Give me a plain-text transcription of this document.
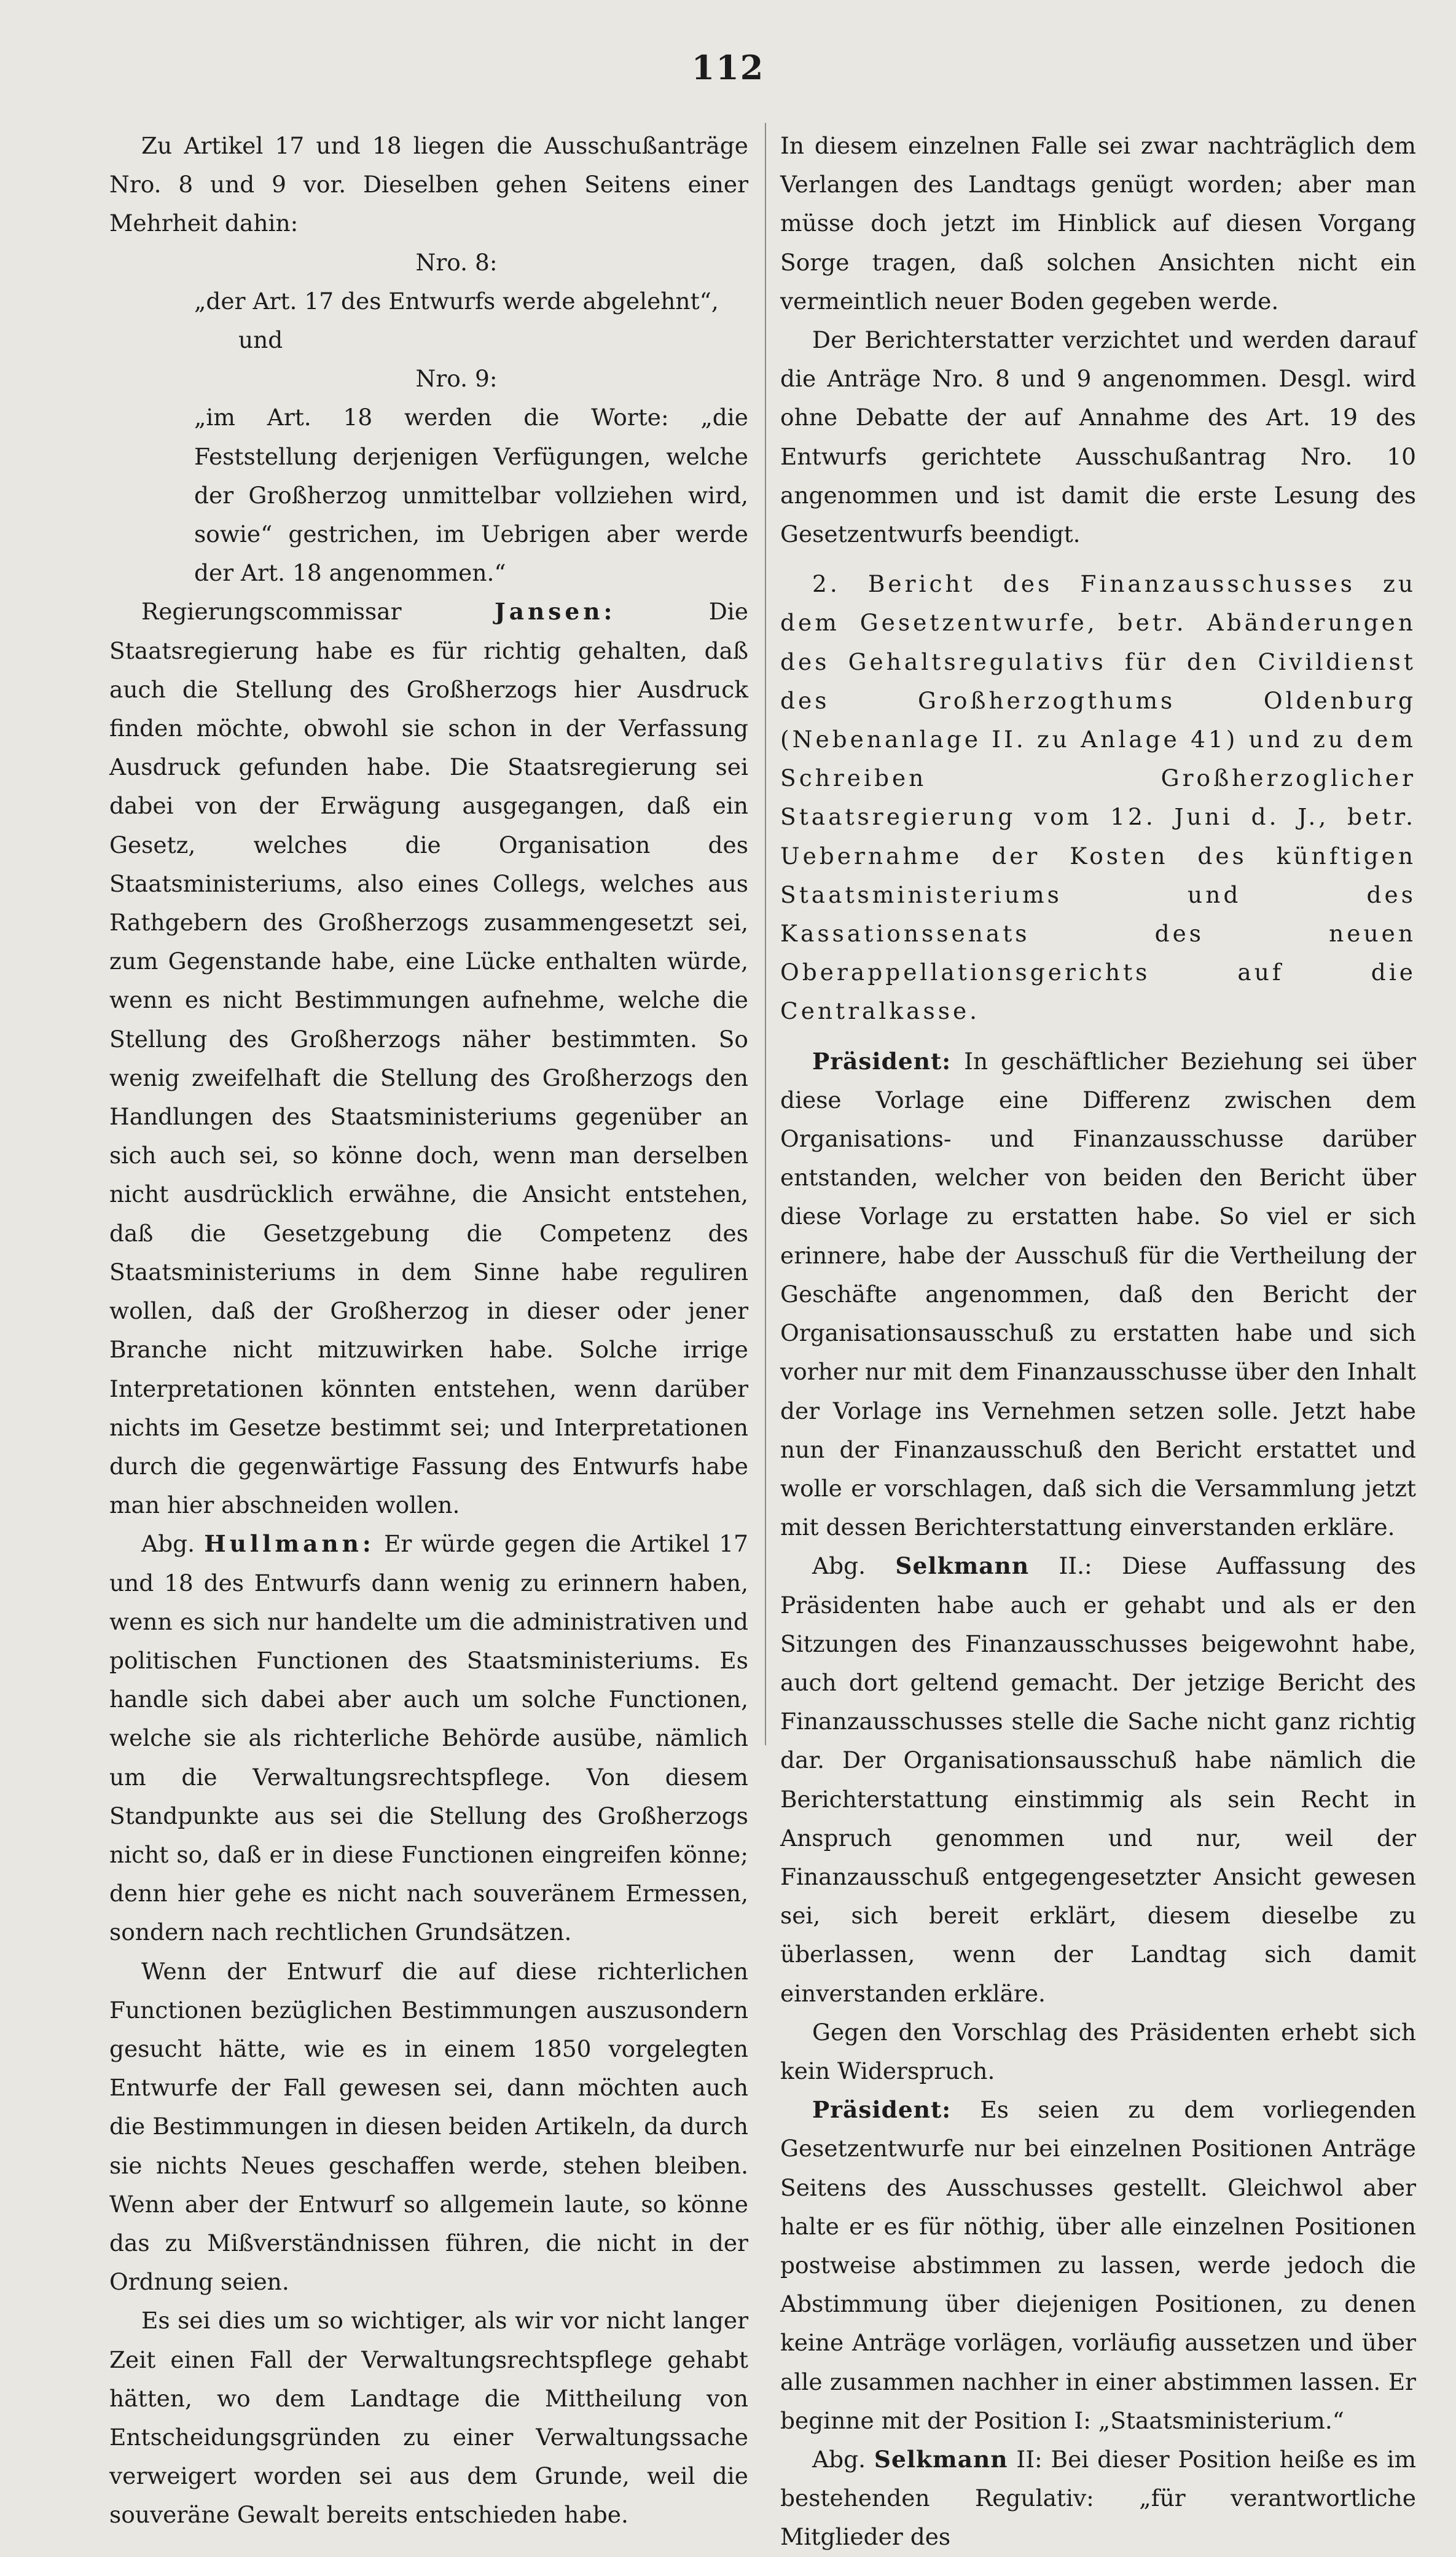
112

Zu Artikel 17 und 18 liegen die Ausschußanträge Nro. 8 und 9 vor. Dieselben gehen Seitens einer Mehrheit dahin:

Nro. 8:

„der Art. 17 des Entwurfs werde abgelehnt“,

und

Nro. 9:

„im Art. 18 werden die Worte: „die Feststellung derjenigen Verfügungen, welche der Großherzog unmittelbar vollziehen wird, sowie“ gestrichen, im Uebrigen aber werde der Art. 18 angenommen.“

Regierungscommissar	Jansen:	Die Staatsregierung habe es für richtig gehalten, daß auch die Stellung des Großherzogs hier Ausdruck finden möchte, obwohl sie schon in der Verfassung Ausdruck gefunden habe. Die Staatsregierung sei dabei von der Erwägung ausgegangen, daß ein Gesetz, welches die Organisation des Staatsministeriums, also eines Collegs, welches aus Rathgebern des Großherzogs zusammengesetzt sei, zum Gegenstande habe, eine Lücke enthalten würde, wenn es nicht Bestimmungen aufnehme, welche die Stellung des Großherzogs näher bestimmten. So wenig zweifelhaft die Stellung des Großherzogs den Handlungen des Staatsministeriums gegenüber an sich auch sei, so könne doch, wenn man derselben nicht ausdrücklich erwähne, die Ansicht entstehen, daß die Gesetzgebung die Competenz des Staatsministeriums in dem Sinne habe reguliren wollen, daß der Großherzog in dieser oder jener Branche nicht mitzuwirken habe. Solche irrige Interpretationen könnten entstehen, wenn darüber nichts im Gesetze bestimmt sei; und Interpretationen durch die gegenwärtige Fassung des Entwurfs habe man hier abschneiden wollen.

Abg. Hullmann: Er würde gegen die Artikel 17 und 18 des Entwurfs dann wenig zu erinnern haben, wenn es sich nur handelte um die administrativen und politischen Functionen des Staatsministeriums. Es handle sich dabei aber auch um solche Functionen, welche sie als richterliche Behörde ausübe, nämlich um die Verwaltungsrechtspflege. Von diesem Standpunkte aus sei die Stellung des Großherzogs nicht so, daß er in diese Functionen eingreifen könne; denn hier gehe es nicht nach souveränem Ermessen, sondern nach rechtlichen Grundsätzen.

Wenn der Entwurf die auf diese richterlichen Functionen bezüglichen Bestimmungen auszusondern gesucht hätte, wie es in einem 1850 vorgelegten Entwurfe der Fall gewesen sei, dann möchten auch die Bestimmungen in diesen beiden Artikeln, da durch sie nichts Neues geschaffen werde, stehen bleiben. Wenn aber der Entwurf so allgemein laute, so könne das zu Mißverständnissen führen, die nicht in der Ordnung seien.

Es sei dies um so wichtiger, als wir vor nicht langer Zeit einen Fall der Verwaltungsrechtspflege gehabt hätten, wo dem Landtage die Mittheilung von Entscheidungsgründen zu einer Verwaltungssache verweigert worden sei aus dem Grunde, weil die souveräne Gewalt bereits entschieden habe.

In diesem einzelnen Falle sei zwar nachträglich dem Verlangen des Landtags genügt worden; aber man müsse doch jetzt im Hinblick auf diesen Vorgang Sorge tragen, daß solchen Ansichten nicht ein vermeintlich neuer Boden gegeben werde.

Der Berichterstatter verzichtet und werden darauf die Anträge Nro. 8 und 9 angenommen. Desgl. wird ohne Debatte der auf Annahme des Art. 19 des Entwurfs gerichtete Ausschußantrag Nro. 10 angenommen und ist damit die erste Lesung des Gesetzentwurfs beendigt.

2. Bericht des Finanzausschusses zu dem Gesetzentwurfe, betr. Abänderungen des Gehaltsregulativs für den Civildienst des Großherzogthums Oldenburg (Nebenanlage II. zu Anlage 41) und zu dem Schreiben Großherzoglicher Staatsregierung vom 12. Juni d. J., betr. Uebernahme der Kosten des künftigen Staatsministeriums und des Kassationssenats des neuen Oberappellationsgerichts auf die Centralkasse.

Präsident: In geschäftlicher Beziehung sei über diese Vorlage eine Differenz zwischen dem Organisations- und Finanzausschusse darüber entstanden, welcher von beiden den Bericht über diese Vorlage zu erstatten habe. So viel er sich erinnere, habe der Ausschuß für die Vertheilung der Geschäfte angenommen, daß den Bericht der Organisationsausschuß zu erstatten habe und sich vorher nur mit dem Finanzausschusse über den Inhalt der Vorlage ins Vernehmen setzen solle. Jetzt habe nun der Finanzausschuß den Bericht erstattet und wolle er vorschlagen, daß sich die Versammlung jetzt mit dessen Berichterstattung einverstanden erkläre.

Abg. Selkmann II.: Diese Auffassung des Präsidenten habe auch er gehabt und als er den Sitzungen des Finanzausschusses beigewohnt habe, auch dort geltend gemacht. Der jetzige Bericht des Finanzausschusses stelle die Sache nicht ganz richtig dar. Der Organisationsausschuß habe nämlich die Berichterstattung einstimmig als sein Recht in Anspruch genommen und nur, weil der Finanzausschuß entgegengesetzter Ansicht gewesen sei, sich bereit erklärt, diesem dieselbe zu überlassen, wenn der Landtag sich damit einverstanden erkläre.

Gegen den Vorschlag des Präsidenten erhebt sich kein Widerspruch.

Präsident: Es seien zu dem vorliegenden Gesetzentwurfe nur bei einzelnen Positionen Anträge Seitens des Ausschusses gestellt. Gleichwol aber halte er es für nöthig, über alle einzelnen Positionen postweise abstimmen zu lassen, werde jedoch die Abstimmung über diejenigen Positionen, zu denen keine Anträge vorlägen, vorläufig aussetzen und über alle zusammen nachher in einer abstimmen lassen. Er beginne mit der Position I: „Staatsministerium.“

Abg. Selkmann II: Bei dieser Position heiße es im bestehenden Regulativ: „für verantwortliche Mitglieder des
